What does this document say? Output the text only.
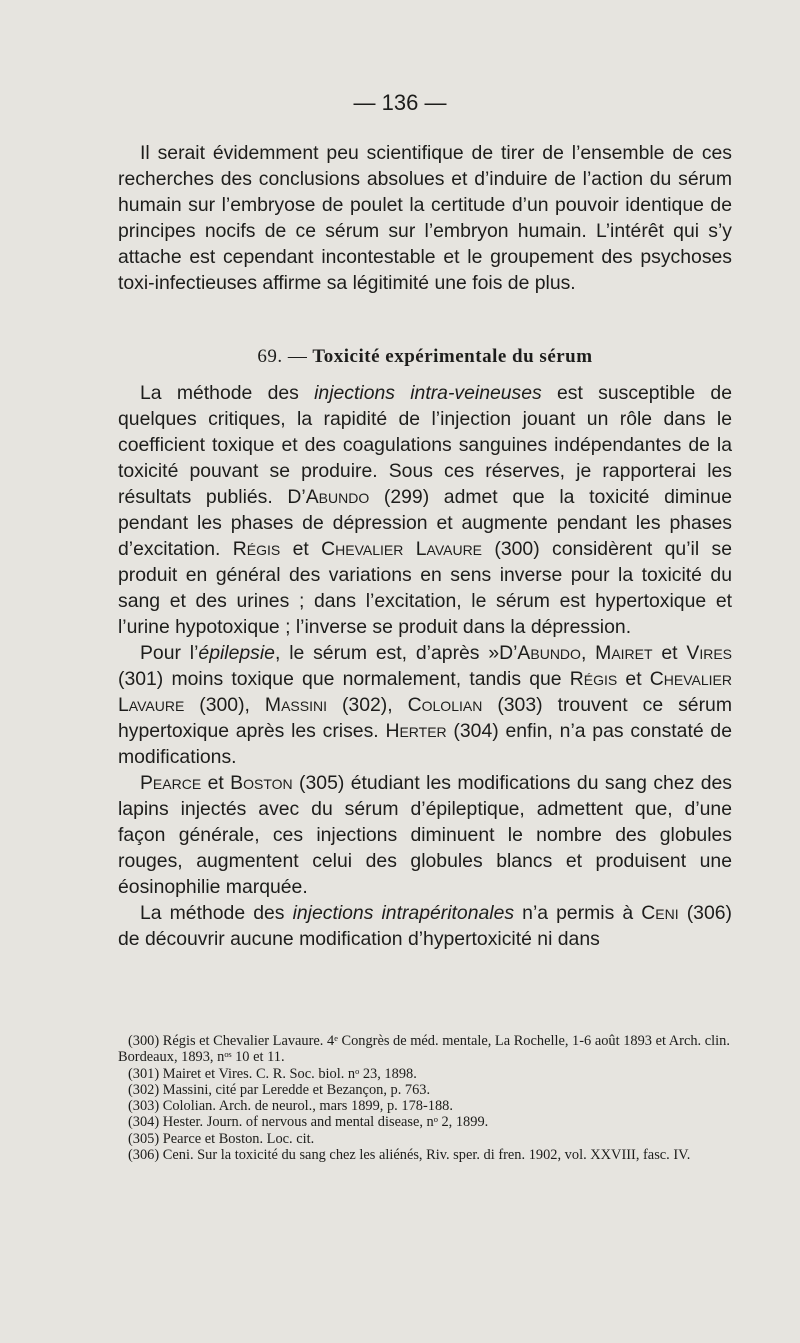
— 136 —

Il serait évidemment peu scientifique de tirer de l’ensemble de ces recherches des conclusions absolues et d’induire de l’action du sérum humain sur l’embryose de poulet la certitude d’un pouvoir identique de principes nocifs de ce sérum sur l’embryon humain. L’intérêt qui s’y attache est cependant incontestable et le groupement des psychoses toxi-infectieuses affirme sa légitimité une fois de plus.

69. — Toxicité expérimentale du sérum

La méthode des injections intra-veineuses est susceptible de quelques critiques, la rapidité de l’injection jouant un rôle dans le coefficient toxique et des coagulations sanguines indépendantes de la toxicité pouvant se produire. Sous ces réserves, je rapporterai les résultats publiés. D’Abundo (299) admet que la toxicité diminue pendant les phases de dépression et augmente pendant les phases d’excitation. Régis et Chevalier Lavaure (300) considèrent qu’il se produit en général des variations en sens inverse pour la toxicité du sang et des urines ; dans l’excitation, le sérum est hypertoxique et l’urine hypotoxique ; l’inverse se produit dans la dépression.

Pour l’épilepsie, le sérum est, d’après »D’Abundo, Mairet et Vires (301) moins toxique que normalement, tandis que Régis et Chevalier Lavaure (300), Massini (302), Cololian (303) trouvent ce sérum hypertoxique après les crises. Herter (304) enfin, n’a pas constaté de modifications.

Pearce et Boston (305) étudiant les modifications du sang chez des lapins injectés avec du sérum d’épileptique, admettent que, d’une façon générale, ces injections diminuent le nombre des globules rouges, augmentent celui des globules blancs et produisent une éosinophilie marquée.

La méthode des injections intrapéritonales n’a permis à Ceni (306) de découvrir aucune modification d’hypertoxicité ni dans

(300) Régis et Chevalier Lavaure. 4ᵉ Congrès de méd. mentale, La Rochelle, 1-6 août 1893 et Arch. clin. Bordeaux, 1893, nᵒˢ 10 et 11.
(301) Mairet et Vires. C. R. Soc. biol. nᵒ 23, 1898.
(302) Massini, cité par Lereddе et Bezançon, p. 763.
(303) Cololian. Arch. de neurol., mars 1899, p. 178-188.
(304) Hester. Journ. of nervous and mental disease, nᵒ 2, 1899.
(305) Pearce et Boston. Loc. cit.
(306) Ceni. Sur la toxicité du sang chez les aliénés, Riv. sper. di fren. 1902, vol. XXVIII, fasc. IV.
